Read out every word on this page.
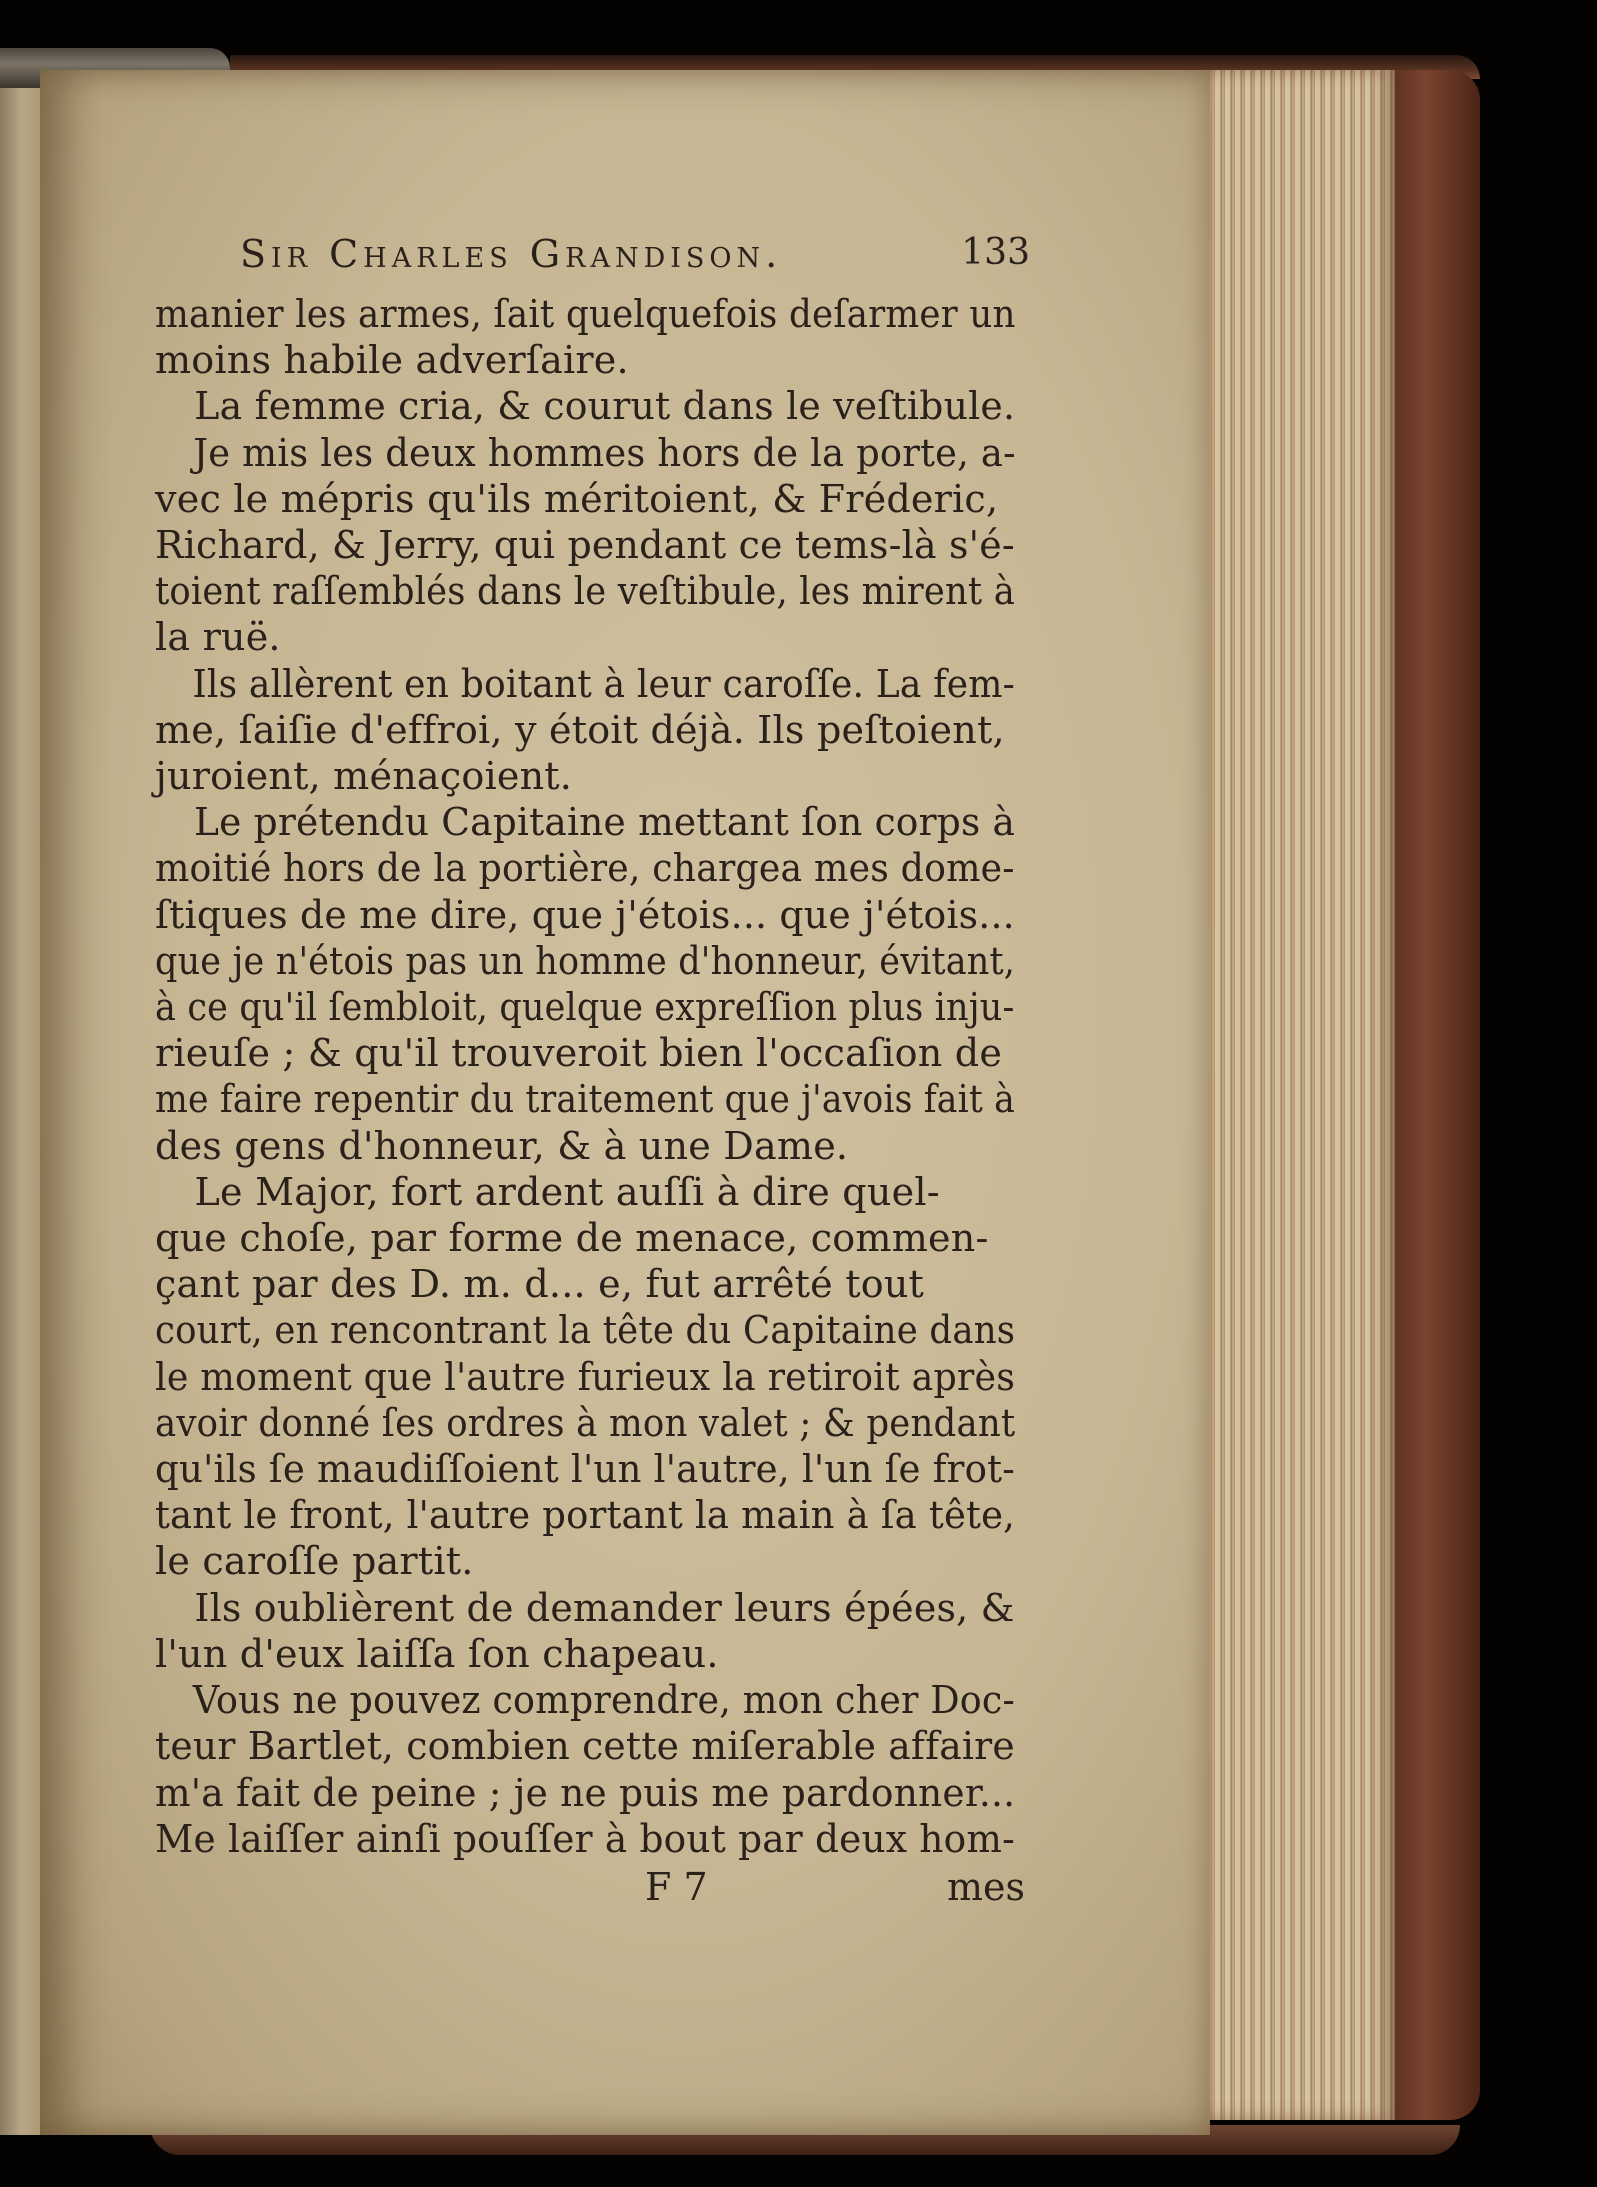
Sir Charles Grandison.	133
manier les armes, ſait quelquefois deſarmer un
moins habile adverſaire.
La femme cria, & courut dans le veſtibule.
Je mis les deux hommes hors de la porte, a-
vec le mépris qu'ils méritoient, & Fréderic,
Richard, & Jerry, qui pendant ce tems-là s'é-
toient raſſemblés dans le veſtibule, les mirent à
la ruë.
Ils allèrent en boitant à leur caroſſe. La fem-
me, ſaiſie d'effroi, y étoit déjà. Ils peſtoient,
juroient, ménaçoient.
Le prétendu Capitaine mettant ſon corps à
moitié hors de la portière, chargea mes dome-
ſtiques de me dire, que j'étois... que j'étois...
que je n'étois pas un homme d'honneur, évitant,
à ce qu'il ſembloit, quelque expreſſion plus inju-
rieuſe ; & qu'il trouveroit bien l'occaſion de
me faire repentir du traitement que j'avois fait à
des gens d'honneur, & à une Dame.
Le Major, fort ardent auſſi à dire quel-
que choſe, par forme de menace, commen-
çant par des D. m. d... e, fut arrêté tout
court, en rencontrant la tête du Capitaine dans
le moment que l'autre furieux la retiroit après
avoir donné ſes ordres à mon valet ; & pendant
qu'ils ſe maudiſſoient l'un l'autre, l'un ſe frot-
tant le front, l'autre portant la main à ſa tête,
le caroſſe partit.
Ils oublièrent de demander leurs épées, &
l'un d'eux laiſſa ſon chapeau.
Vous ne pouvez comprendre, mon cher Doc-
teur Bartlet, combien cette miſerable affaire
m'a fait de peine ; je ne puis me pardonner...
Me laiſſer ainſi pouſſer à bout par deux hom-
F 7	mes
